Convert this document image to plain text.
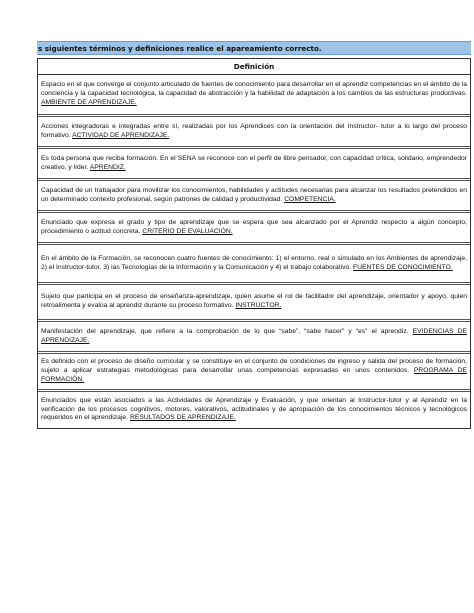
s siguientes términos y definiciones realice el apareamiento correcto.
Definición
Espacio en el que converge el conjunto articulado de fuentes de conocimiento para desarrollar en el aprendiz competencias en el ámbito de la conciencia y la capacidad tecnológica, la capacidad de abstracción y la habilidad de adaptación a los cambios de las estructuras productivas. AMBIENTE DE APRENDIZAJE.
Acciones integradoras e integradas entre sí, realizadas por los Aprendices con la orientación del Instructor- tutor a lo largo del proceso formativo. ACTIVIDAD DE APRENDIZAJE.
Es toda persona que reciba formación. En el SENA se reconoce con el perfil de libre pensador, con capacidad crítica, solidario, emprendedor creativo, y líder. APRENDIZ.
Capacidad de un trabajador para movilizar los conocimientos, habilidades y actitudes necesarias para alcanzar los resultados pretendidos en un determinado contexto profesional, según patrones de calidad y productividad. COMPETENCIA.
Enunciado que expresa el grado y tipo de aprendizaje que se espera que sea alcanzado por el Aprendiz respecto a algún concepto, procedimiento o actitud concreta. CRITERIO DE EVALUACIÓN.
En el ámbito de la Formación, se reconocen cuatro fuentes de conocimiento: 1) el entorno, real o simulado en los Ambientes de aprendizaje, 2) el Instructor-tutor, 3) las Tecnologías de la Información y la Comunicación y 4) el trabajo colaborativo. FUENTES DE CONOCIMIENTO.
Sujeto que participa en el proceso de enseñanza-aprendizaje, quien asume el rol de facilitador del aprendizaje, orientador y apoyo, quien retroalimenta y evalúa al aprendiz durante su proceso formativo. INSTRUCTOR.
Manifestación del aprendizaje, que refiere a la comprobación de lo que “sabe”, “sabe hacer” y “es” el aprendiz. EVIDENCIAS DE APRENDIZAJE.
Es definido con el proceso de diseño curricular y se constituye en el conjunto de condiciones de ingreso y salida del proceso de formación, sujeto a aplicar estrategias metodológicas para desarrollar unas competencias expresadas en unos contenidos. PROGRAMA DE FORMACIÓN.
Enunciados que están asociados a las Actividades de Aprendizaje y Evaluación, y que orientan al Instructor-tutor y al Aprendiz en la verificación de los procesos cognitivos, motores, valorativos, actitudinales y de apropiación de los conocimientos técnicos y tecnológicos requeridos en el aprendizaje. RESULTADOS DE APRENDIZAJE.
